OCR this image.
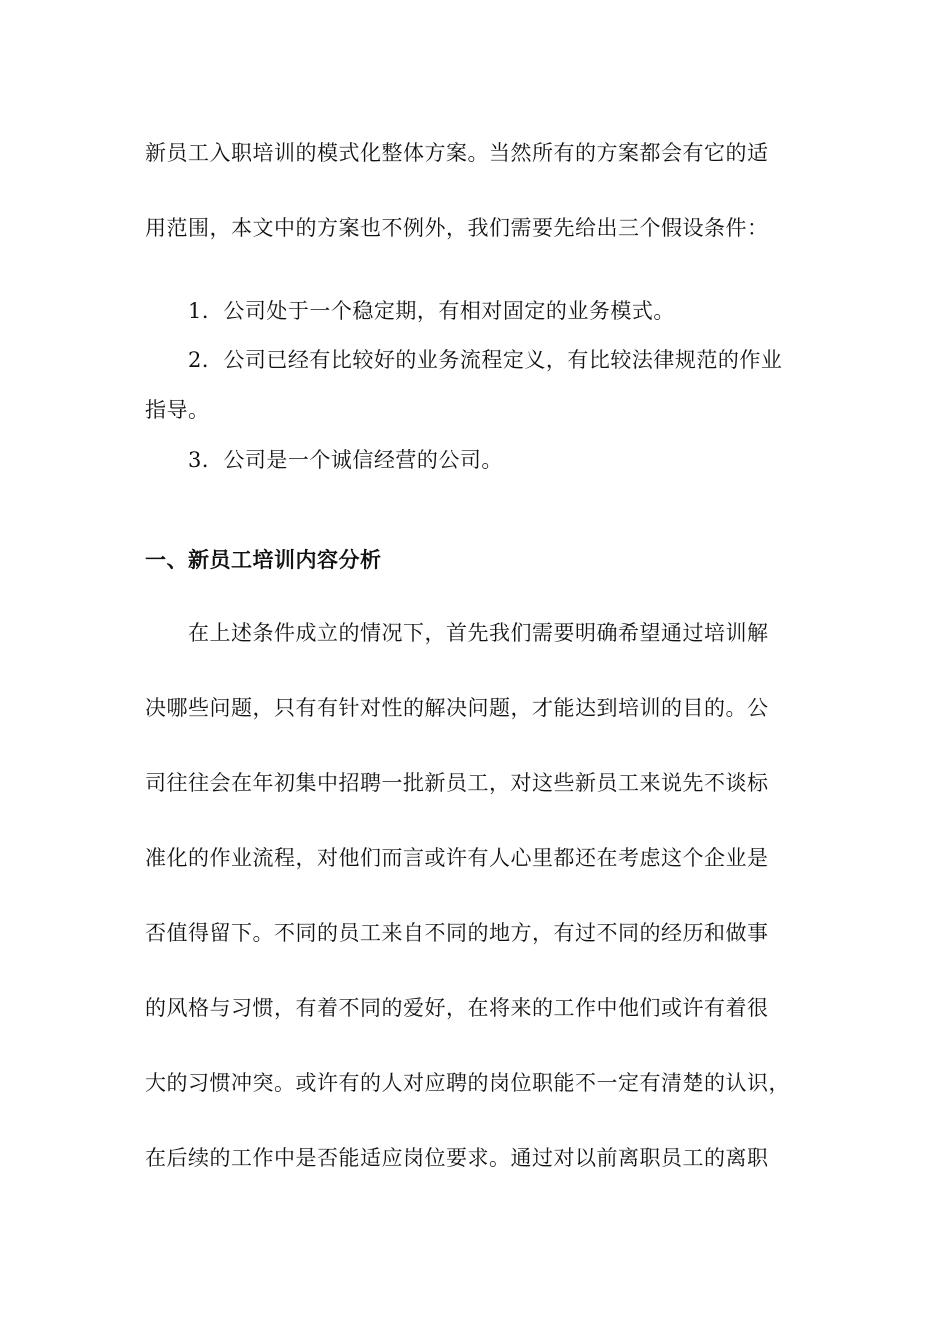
新员工入职培训的模式化整体方案。当然所有的方案都会有它的适
用范围，本文中的方案也不例外，我们需要先给出三个假设条件：
1．公司处于一个稳定期，有相对固定的业务模式。
2．公司已经有比较好的业务流程定义，有比较法律规范的作业
指导。
3．公司是一个诚信经营的公司。
一、新员工培训内容分析
在上述条件成立的情况下，首先我们需要明确希望通过培训解
决哪些问题，只有有针对性的解决问题，才能达到培训的目的。公
司往往会在年初集中招聘一批新员工，对这些新员工来说先不谈标
准化的作业流程，对他们而言或许有人心里都还在考虑这个企业是
否值得留下。不同的员工来自不同的地方，有过不同的经历和做事
的风格与习惯，有着不同的爱好，在将来的工作中他们或许有着很
大的习惯冲突。或许有的人对应聘的岗位职能不一定有清楚的认识，
在后续的工作中是否能适应岗位要求。通过对以前离职员工的离职
